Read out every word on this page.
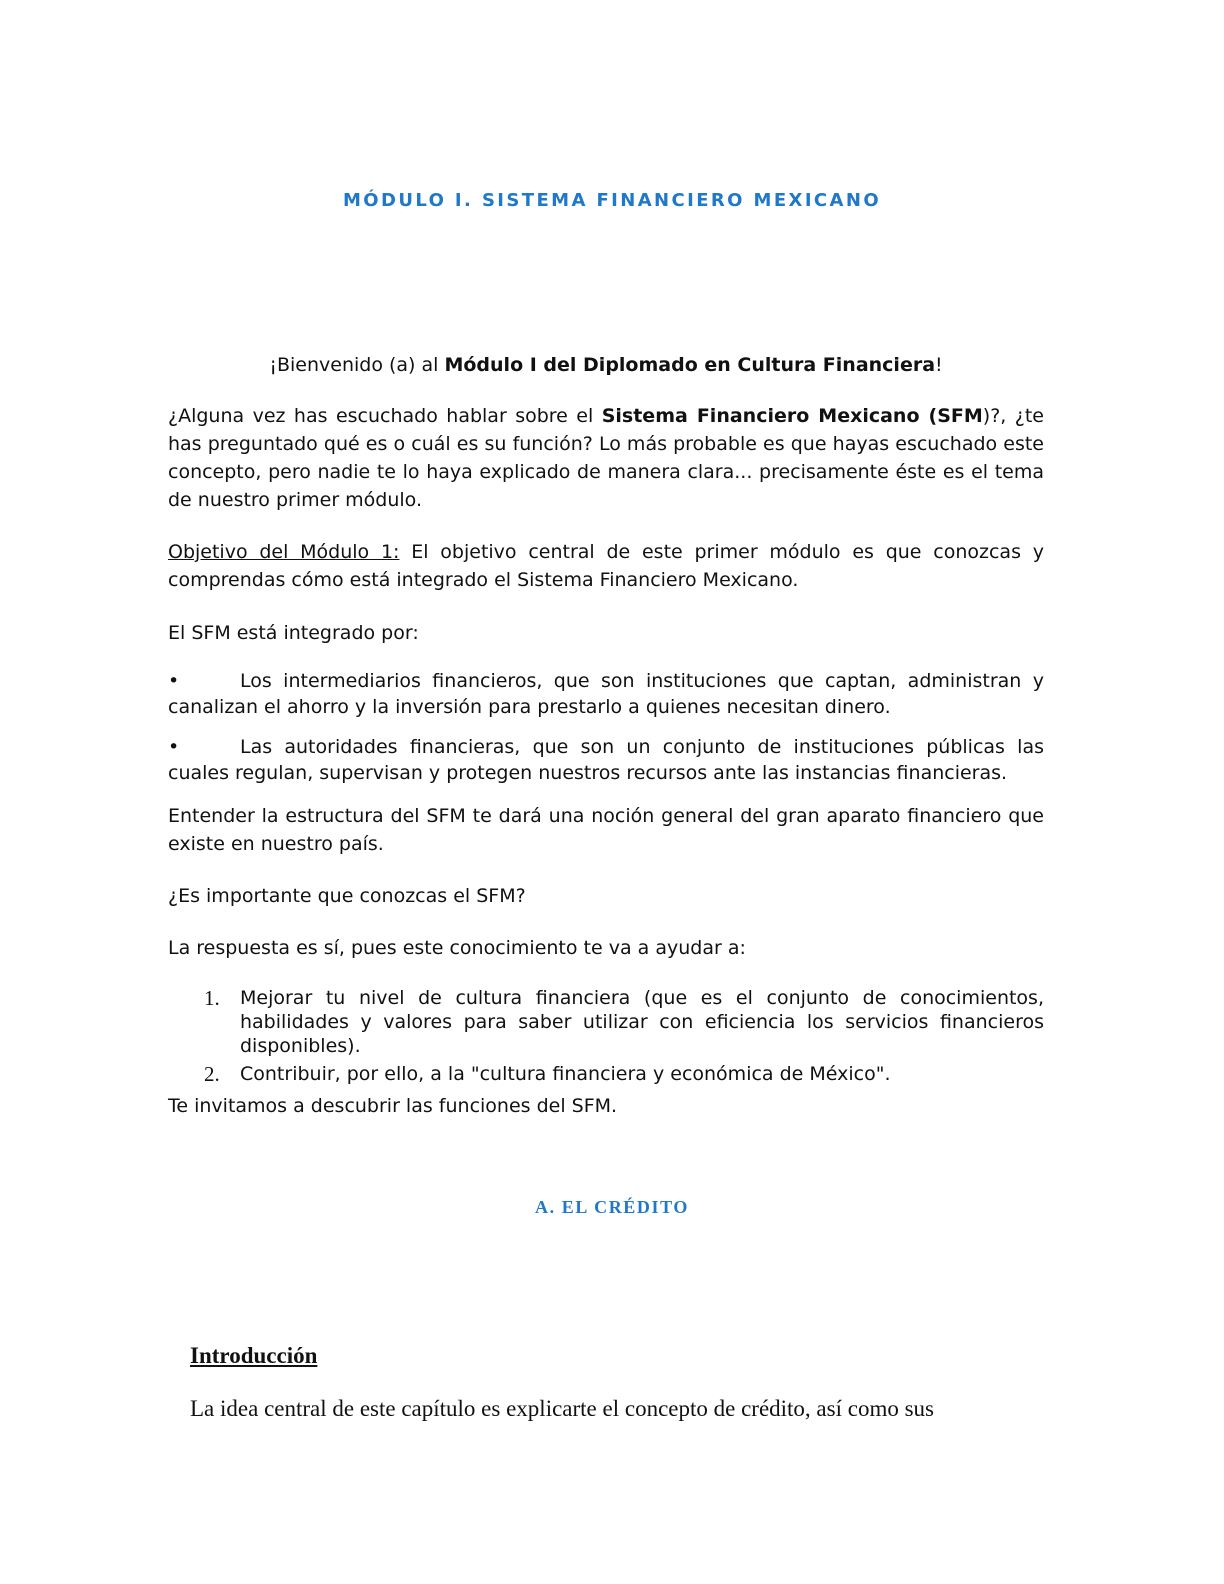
MÓDULO I. SISTEMA FINANCIERO MEXICANO
¡Bienvenido (a) al Módulo I del Diplomado en Cultura Financiera!
¿Alguna vez has escuchado hablar sobre el Sistema Financiero Mexicano (SFM)?, ¿te has preguntado qué es o cuál es su función? Lo más probable es que hayas escuchado este concepto, pero nadie te lo haya explicado de manera clara... precisamente éste es el tema de nuestro primer módulo.
Objetivo del Módulo 1: El objetivo central de este primer módulo es que conozcas y comprendas cómo está integrado el Sistema Financiero Mexicano.
El SFM está integrado por:
•	Los intermediarios financieros, que son instituciones que captan, administran y canalizan el ahorro y la inversión para prestarlo a quienes necesitan dinero.
•	Las autoridades financieras, que son un conjunto de instituciones públicas las cuales regulan, supervisan y protegen nuestros recursos ante las instancias financieras.
Entender la estructura del SFM te dará una noción general del gran aparato financiero que existe en nuestro país.
¿Es importante que conozcas el SFM?
La respuesta es sí, pues este conocimiento te va a ayudar a:
1. Mejorar tu nivel de cultura financiera (que es el conjunto de conocimientos, habilidades y valores para saber utilizar con eficiencia los servicios financieros disponibles).
2. Contribuir, por ello, a la "cultura financiera y económica de México".
Te invitamos a descubrir las funciones del SFM.
A. EL CRÉDITO
Introducción
La idea central de este capítulo es explicarte el concepto de crédito, así como sus
